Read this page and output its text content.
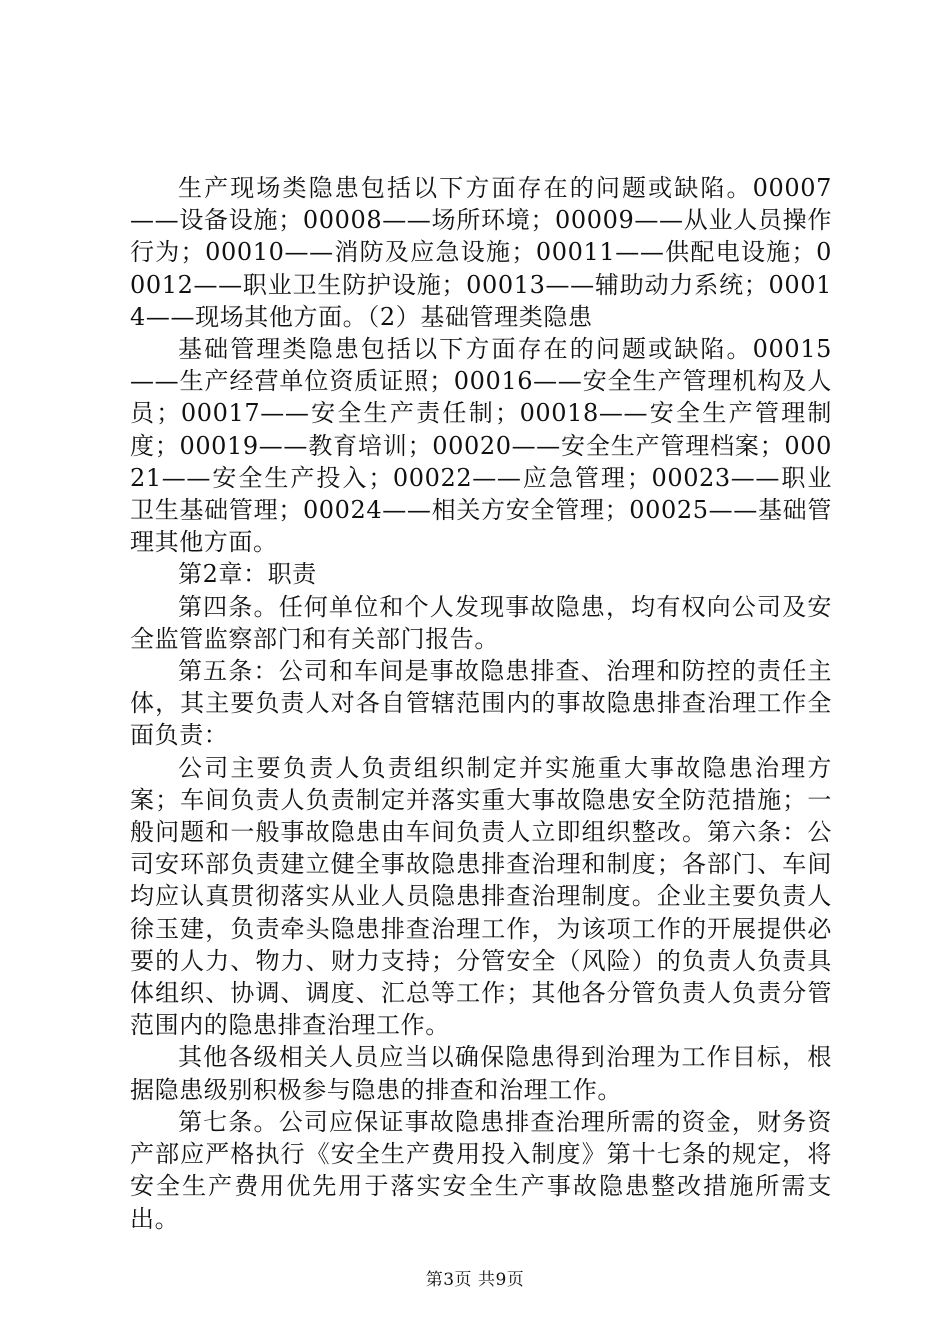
生产现场类隐患包括以下方面存在的问题或缺陷。00007——设备设施；00008——场所环境；00009——从业人员操作行为；00010——消防及应急设施；00011——供配电设施；00012——职业卫生防护设施；00013——辅助动力系统；00014——现场其他方面。（2）基础管理类隐患

基础管理类隐患包括以下方面存在的问题或缺陷。00015——生产经营单位资质证照；00016——安全生产管理机构及人员；00017——安全生产责任制；00018——安全生产管理制度；00019——教育培训；00020——安全生产管理档案；00021——安全生产投入；00022——应急管理；00023——职业卫生基础管理；00024——相关方安全管理；00025——基础管理其他方面。

第2章：职责

第四条。任何单位和个人发现事故隐患，均有权向公司及安全监管监察部门和有关部门报告。

第五条：公司和车间是事故隐患排查、治理和防控的责任主体，其主要负责人对各自管辖范围内的事故隐患排查治理工作全面负责：

公司主要负责人负责组织制定并实施重大事故隐患治理方案；车间负责人负责制定并落实重大事故隐患安全防范措施；一般问题和一般事故隐患由车间负责人立即组织整改。第六条：公司安环部负责建立健全事故隐患排查治理和制度；各部门、车间均应认真贯彻落实从业人员隐患排查治理制度。企业主要负责人徐玉建，负责牵头隐患排查治理工作，为该项工作的开展提供必要的人力、物力、财力支持；分管安全（风险）的负责人负责具体组织、协调、调度、汇总等工作；其他各分管负责人负责分管范围内的隐患排查治理工作。

其他各级相关人员应当以确保隐患得到治理为工作目标，根据隐患级别积极参与隐患的排查和治理工作。

第七条。公司应保证事故隐患排查治理所需的资金，财务资产部应严格执行《安全生产费用投入制度》第十七条的规定，将安全生产费用优先用于落实安全生产事故隐患整改措施所需支出。

第3页 共9页
